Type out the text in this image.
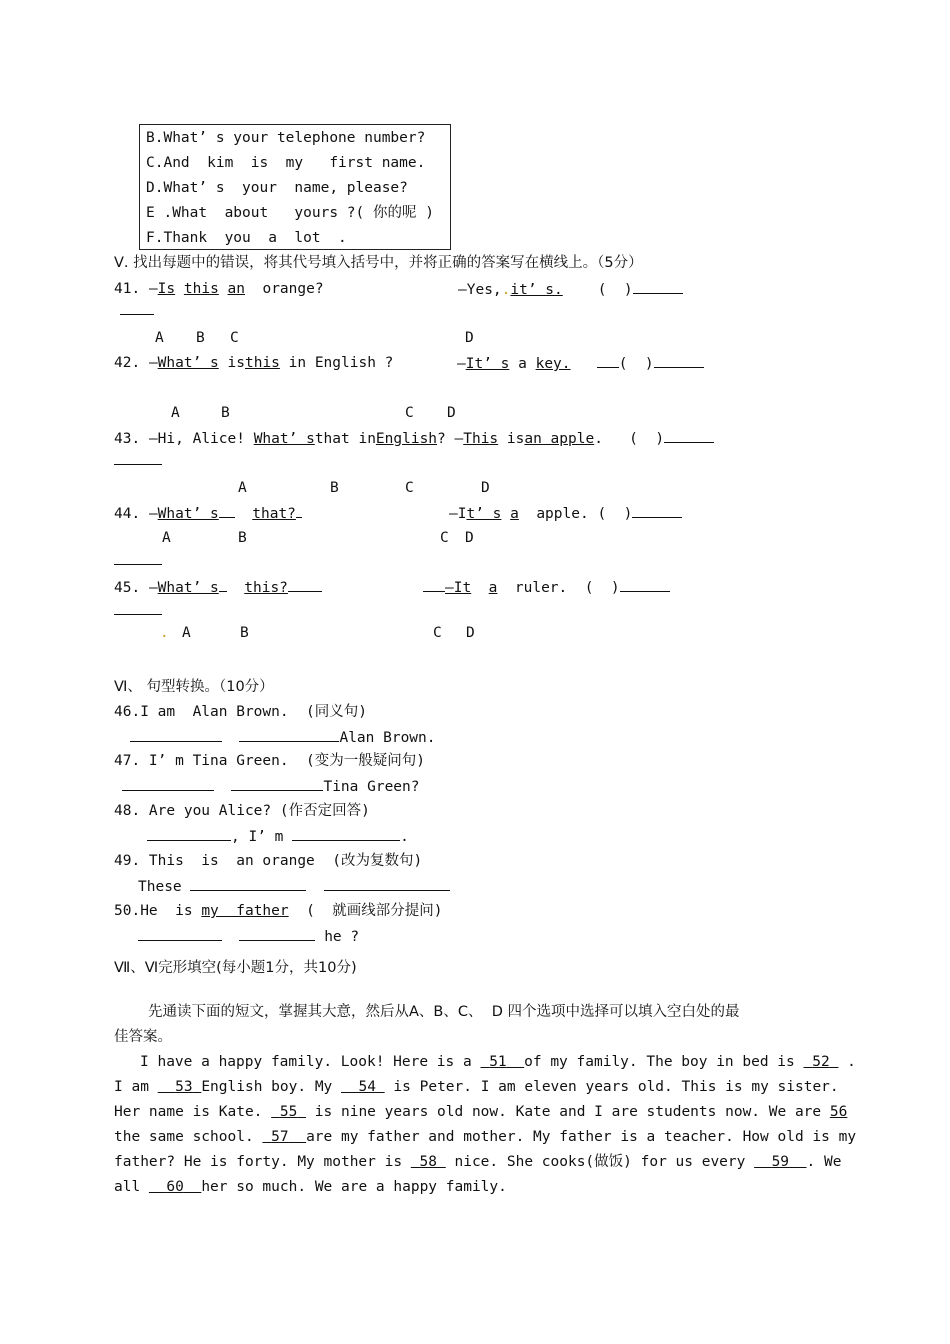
B.What’ s your telephone number?
C.And  kim  is  my   first name.
D.What’ s  your  name, please?
E .What  about   yours ?( 你的呢 )
F.Thank  you  a  lot  .
Ⅴ. 找出每题中的错误，将其代号填入括号中，并将正确的答案写在横线上。（5分）
41. —Is this an orange?	—Yes,.it’ s. (  )
A B C	D
42. —What’ s isthis in English ?	—It’ s a key.	(  )
A	B	C D
43. —Hi, Alice! What’ sthat inEnglish? —This isan apple. (  )
A	B	C	D
44. —What’ s that?	—It’ s a apple. (  )
A	B	C D
45. —What’ s this?	—It a ruler. (  )
. A	B	C D
Ⅵ、 句型转换。（10分）
46.I am  Alan Brown.  (同义句)
Alan Brown.
47. I’ m Tina Green.  (变为一般疑问句)
Tina Green?
48. Are you Alice? (作否定回答)
, I’ m	.
49. This  is  an orange  (改为复数句)
These
50.He  is my  father (  就画线部分提问)
he ?
Ⅶ、Ⅵ完形填空(每小题1分，共10分)
先通读下面的短文，掌握其大意，然后从A、B、C、  D 四个选项中选择可以填入空白处的最
佳答案。
I have a happy family. Look! Here is a  51 of my family. The boy in bed is  52  .
I am   53 English boy. My   54  is Peter. I am eleven years old. This is my sister.
Her name is Kate.  55  is nine years old now. Kate and I are students now. We are 56
the same school.  57 are my father and mother. My father is a teacher. How old is my
father? He is forty. My mother is  58  nice. She cooks(做饭) for us every   59 . We
all   60 her so much. We are a happy family.
